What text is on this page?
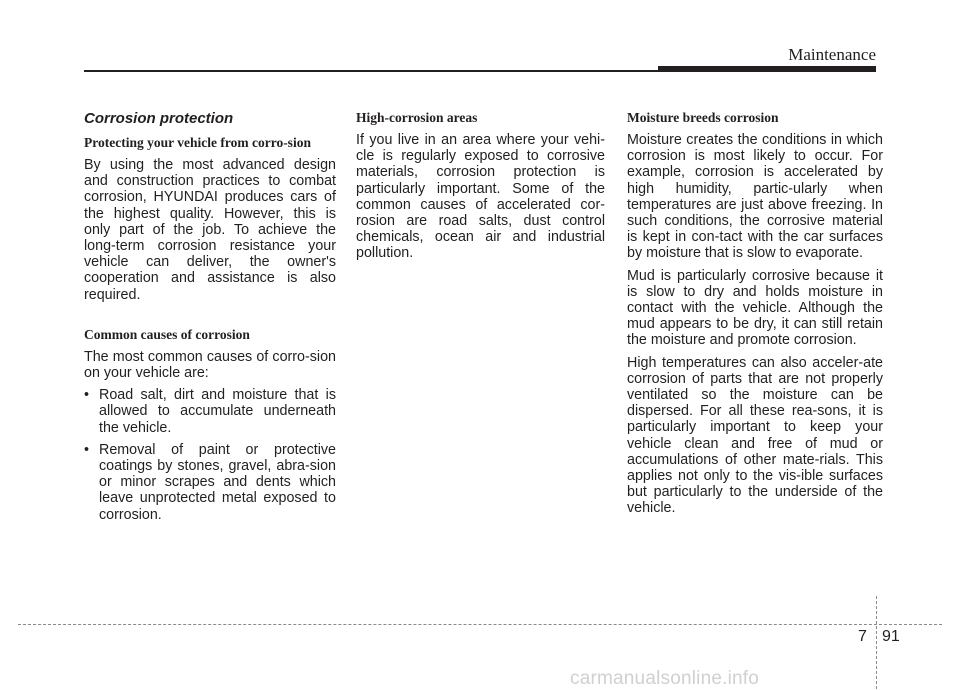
Maintenance
Corrosion protection
Protecting your vehicle from corro-sion

By using the most advanced design and construction practices to combat corrosion, HYUNDAI produces cars of the highest quality. However, this is only part of the job. To achieve the long-term corrosion resistance your vehicle can deliver, the owner's cooperation and assistance is also required.

Common causes of corrosion

The most common causes of corro-sion on your vehicle are:

• Road salt, dirt and moisture that is allowed to accumulate underneath the vehicle.
• Removal of paint or protective coatings by stones, gravel, abra-sion or minor scrapes and dents which leave unprotected metal exposed to corrosion.
High-corrosion areas

If you live in an area where your vehi-cle is regularly exposed to corrosive materials, corrosion protection is particularly important. Some of the common causes of accelerated cor-rosion are road salts, dust control chemicals, ocean air and industrial pollution.

Moisture breeds corrosion

Moisture creates the conditions in which corrosion is most likely to occur. For example, corrosion is accelerated by high humidity, partic-ularly when temperatures are just above freezing. In such conditions, the corrosive material is kept in con-tact with the car surfaces by moisture that is slow to evaporate.

Mud is particularly corrosive because it is slow to dry and holds moisture in contact with the vehicle. Although the mud appears to be dry, it can still retain the moisture and promote corrosion.

High temperatures can also acceler-ate corrosion of parts that are not properly ventilated so the moisture can be dispersed. For all these rea-sons, it is particularly important to keep your vehicle clean and free of mud or accumulations of other mate-rials. This applies not only to the vis-ible surfaces but particularly to the underside of the vehicle.

7 91
carmanualsonline.info
